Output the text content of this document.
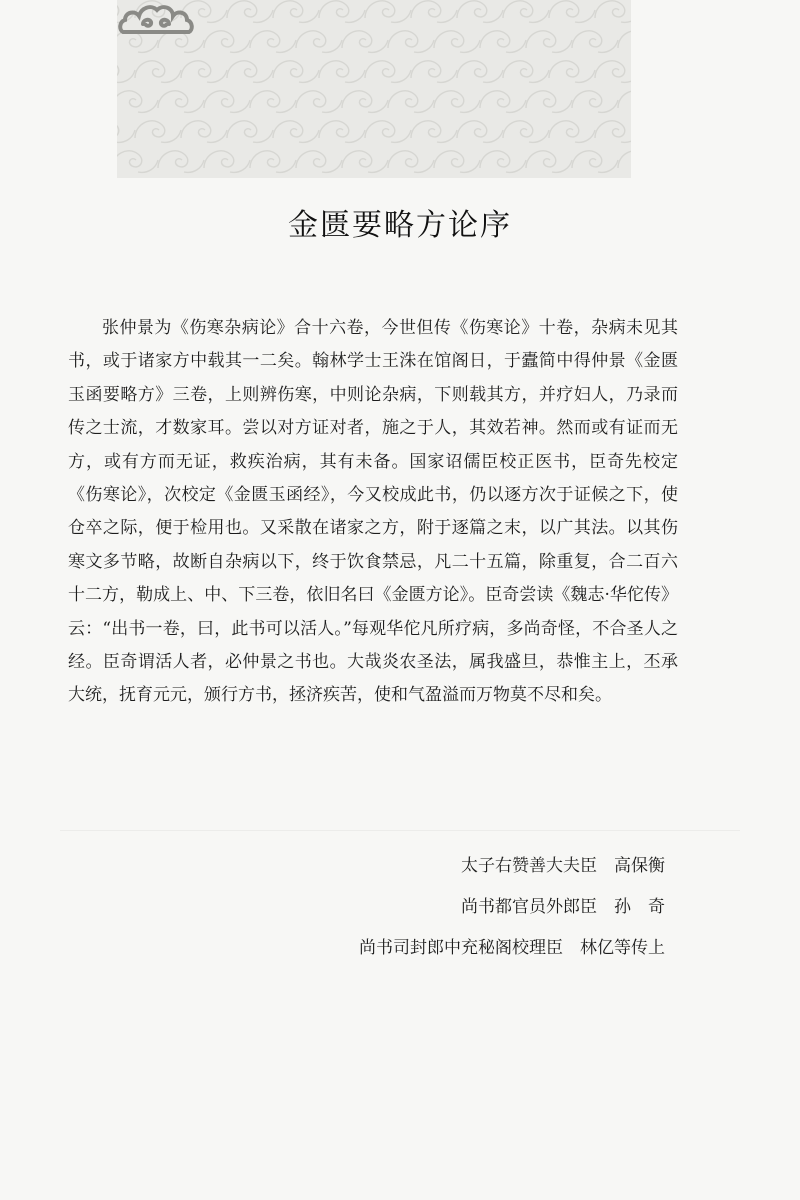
金匮要略方论序

张仲景为《伤寒杂病论》合十六卷，今世但传《伤寒论》十卷，杂病未见其书，或于诸家方中载其一二矣。翰林学士王洙在馆阁日，于蠹简中得仲景《金匮玉函要略方》三卷，上则辨伤寒，中则论杂病，下则载其方，并疗妇人，乃录而传之士流，才数家耳。尝以对方证对者，施之于人，其效若神。然而或有证而无方，或有方而无证，救疾治病，其有未备。国家诏儒臣校正医书，臣奇先校定《伤寒论》，次校定《金匮玉函经》，今又校成此书，仍以逐方次于证候之下，使仓卒之际，便于检用也。又采散在诸家之方，附于逐篇之末，以广其法。以其伤寒文多节略，故断自杂病以下，终于饮食禁忌，凡二十五篇，除重复，合二百六十二方，勒成上、中、下三卷，依旧名曰《金匮方论》。臣奇尝读《魏志·华佗传》云：“出书一卷，曰，此书可以活人。”每观华佗凡所疗病，多尚奇怪，不合圣人之经。臣奇谓活人者，必仲景之书也。大哉炎农圣法，属我盛旦，恭惟主上，丕承大统，抚育元元，颁行方书，拯济疾苦，使和气盈溢而万物莫不尽和矣。

太子右赞善大夫臣　高保衡
尚书都官员外郎臣　孙　奇
尚书司封郎中充秘阁校理臣　林亿等传上
